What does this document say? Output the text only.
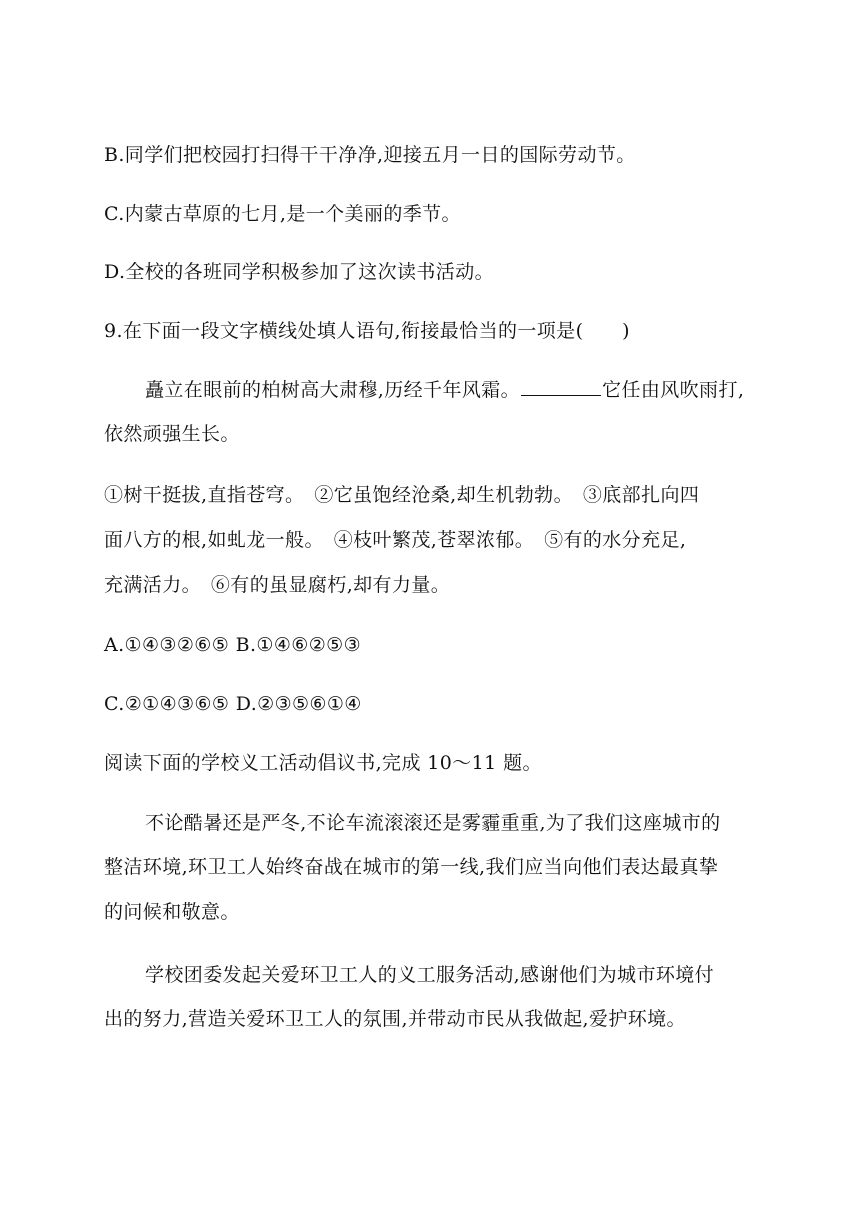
B.同学们把校园打扫得干干净净,迎接五月一日的国际劳动节。
C.内蒙古草原的七月,是一个美丽的季节。
D.全校的各班同学积极参加了这次读书活动。
9.在下面一段文字横线处填人语句,衔接最恰当的一项是(　　)
矗立在眼前的柏树高大肃穆,历经千年风霜。	它任由风吹雨打,
依然顽强生长。
①树干挺拔,直指苍穹。　②它虽饱经沧桑,却生机勃勃。　③底部扎向四
面八方的根,如虬龙一般。　④枝叶繁茂,苍翠浓郁。　⑤有的水分充足,
充满活力。　⑥有的虽显腐朽,却有力量。
A.①④③②⑥⑤ B.①④⑥②⑤③
C.②①④③⑥⑤ D.②③⑤⑥①④
阅读下面的学校义工活动倡议书,完成 10～11 题。
不论酷暑还是严冬,不论车流滚滚还是雾霾重重,为了我们这座城市的
整洁环境,环卫工人始终奋战在城市的第一线,我们应当向他们表达最真挚
的问候和敬意。
学校团委发起关爱环卫工人的义工服务活动,感谢他们为城市环境付
出的努力,营造关爱环卫工人的氛围,并带动市民从我做起,爱护环境。
